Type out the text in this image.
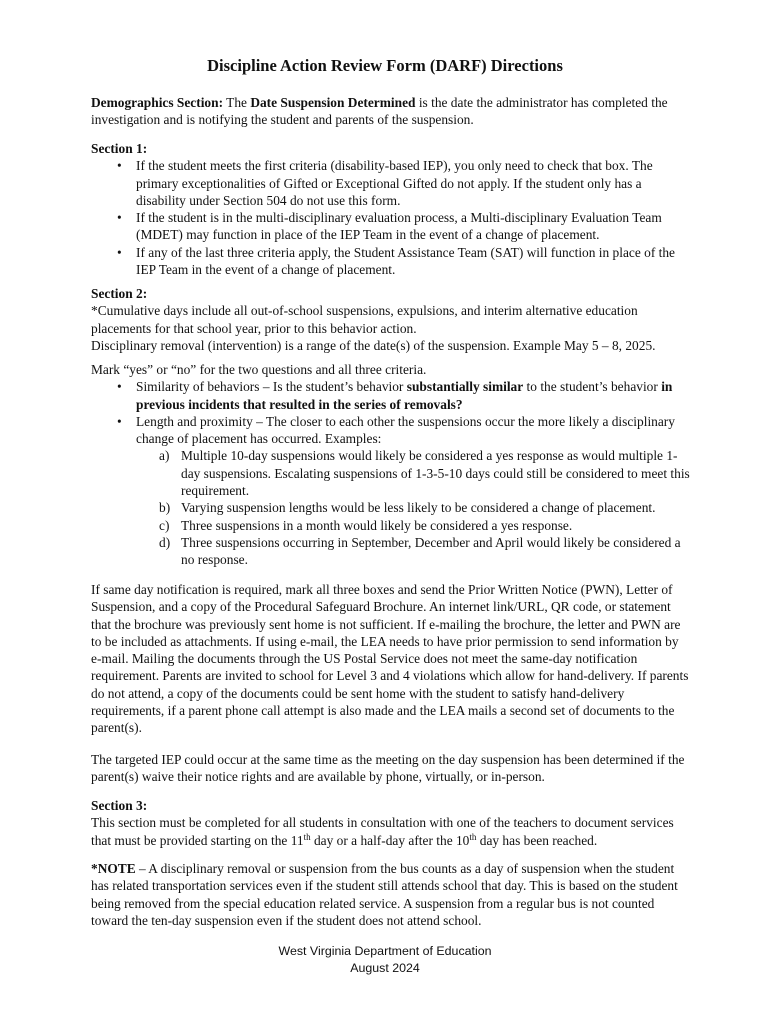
Discipline Action Review Form (DARF) Directions

Demographics Section: The Date Suspension Determined is the date the administrator has completed the investigation and is notifying the student and parents of the suspension.

Section 1:

• If the student meets the first criteria (disability-based IEP), you only need to check that box. The primary exceptionalities of Gifted or Exceptional Gifted do not apply. If the student only has a disability under Section 504 do not use this form.
• If the student is in the multi-disciplinary evaluation process, a Multi-disciplinary Evaluation Team (MDET) may function in place of the IEP Team in the event of a change of placement.
• If any of the last three criteria apply, the Student Assistance Team (SAT) will function in place of the IEP Team in the event of a change of placement.

Section 2:

*Cumulative days include all out-of-school suspensions, expulsions, and interim alternative education placements for that school year, prior to this behavior action.

Disciplinary removal (intervention) is a range of the date(s) of the suspension. Example May 5 – 8, 2025.

Mark “yes” or “no” for the two questions and all three criteria.

• Similarity of behaviors – Is the student’s behavior substantially similar to the student’s behavior in previous incidents that resulted in the series of removals?
• Length and proximity – The closer to each other the suspensions occur the more likely a disciplinary change of placement has occurred. Examples:
a) Multiple 10-day suspensions would likely be considered a yes response as would multiple 1-day suspensions. Escalating suspensions of 1-3-5-10 days could still be considered to meet this requirement.
b) Varying suspension lengths would be less likely to be considered a change of placement.
c) Three suspensions in a month would likely be considered a yes response.
d) Three suspensions occurring in September, December and April would likely be considered a no response.

If same day notification is required, mark all three boxes and send the Prior Written Notice (PWN), Letter of Suspension, and a copy of the Procedural Safeguard Brochure. An internet link/URL, QR code, or statement that the brochure was previously sent home is not sufficient. If e-mailing the brochure, the letter and PWN are to be included as attachments. If using e-mail, the LEA needs to have prior permission to send information by e-mail. Mailing the documents through the US Postal Service does not meet the same-day notification requirement. Parents are invited to school for Level 3 and 4 violations which allow for hand-delivery. If parents do not attend, a copy of the documents could be sent home with the student to satisfy hand-delivery requirements, if a parent phone call attempt is also made and the LEA mails a second set of documents to the parent(s).

The targeted IEP could occur at the same time as the meeting on the day suspension has been determined if the parent(s) waive their notice rights and are available by phone, virtually, or in-person.

Section 3:

This section must be completed for all students in consultation with one of the teachers to document services that must be provided starting on the 11th day or a half-day after the 10th day has been reached.

*NOTE – A disciplinary removal or suspension from the bus counts as a day of suspension when the student has related transportation services even if the student still attends school that day. This is based on the student being removed from the special education related service. A suspension from a regular bus is not counted toward the ten-day suspension even if the student does not attend school.

West Virginia Department of Education
August 2024
